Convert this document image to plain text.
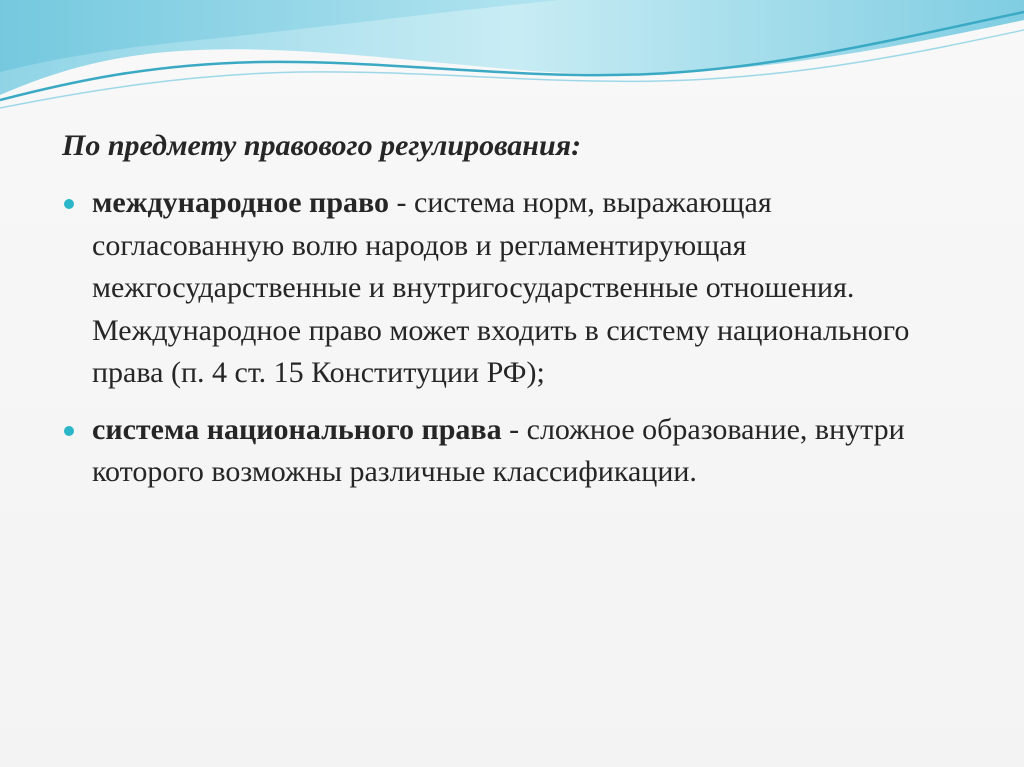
По предмету правового регулирования:
международное право - система норм, выражающая согласованную волю народов и регламентирующая межгосударственные и внутригосударственные отношения. Международное право может входить в систему национального права (п. 4 ст. 15 Конституции РФ);
система национального права - сложное образование, внутри которого возможны различные классификации.
